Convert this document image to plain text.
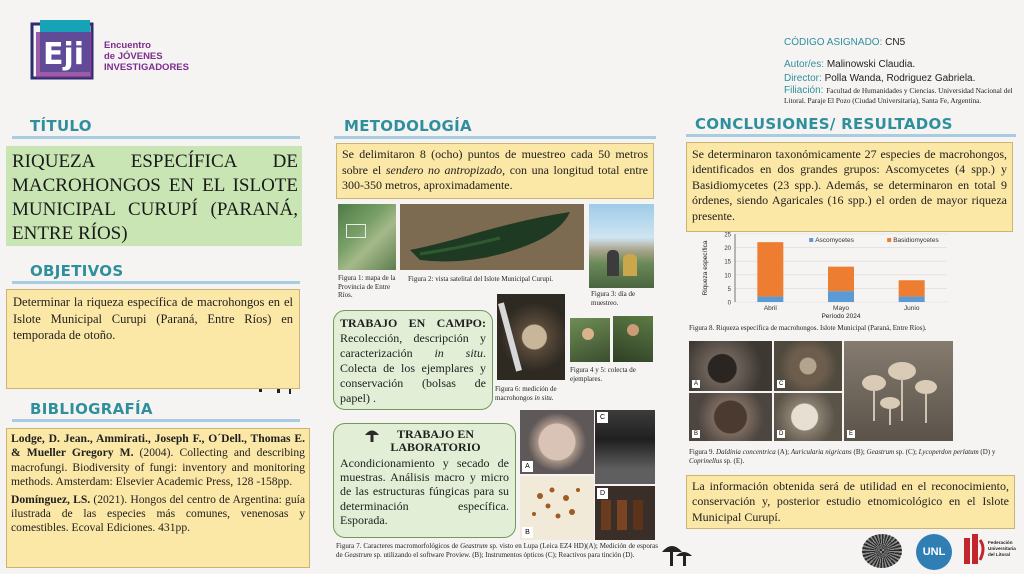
Eji Encuentro
de JÓVENES
INVESTIGADORES
TÍTULO
RIQUEZA ESPECÍFICA DE MACROHONGOS EN EL ISLOTE MUNICIPAL CURUPÍ (PARANÁ, ENTRE RÍOS)
OBJETIVOS
Determinar la riqueza específica de macrohongos en el Islote Municipal Curupi (Paraná, Entre Ríos) en temporada de otoño.
BIBLIOGRAFÍA

Lodge, D. Jean., Ammirati., Joseph F., O´Dell., Thomas E. & Mueller Gregory M. (2004). Collecting and describing macrofungi. Biodiversity of fungi: inventory and monitoring methods. Amsterdam: Elsevier Academic Press, 128 -158pp.

Domínguez, LS. (2021). Hongos del centro de Argentina: guía ilustrada de las especies más comunes, venenosas y comestibles. Ecoval Ediciones. 431pp.

METODOLOGÍA
Se delimitaron 8 (ocho) puntos de muestreo cada 50 metros sobre el sendero no antropizado, con una longitud total entre 300-350 metros, aproximadamente.
Figura 1: mapa de la Provincia de Entre Ríos.
Figura 2: vista satelital del Islote Municipal Curupí.
Figura 3: día de muestreo.
TRABAJO EN CAMPO: Recolección, descripción y caracterización in situ. Colecta de los ejemplares y conservación (bolsas de papel) .
Figura 6: medición de macrohongos in situ.
Figura 4 y 5: colecta de ejemplares.
TRABAJO EN LABORATORIO
Acondicionamiento y secado de muestras. Análisis macro y micro de las estructuras fúngicas para su determinación específica. Esporada.
A
C
B
D
Figura 7. Caracteres macromorfológicos de Geastrum sp. visto en Lupa (Leica EZ4 HD)(A); Medición de esporas de Geastrum sp. utilizando el software Proview. (B); Instrumentos ópticos (C); Reactivos para tinción (D).
CÓDIGO ASIGNADO: CN5
Autor/es: Malinowski Claudia.
Director: Polla Wanda, Rodriguez Gabriela.
Filiación: Facultad de Humanidades y Ciencias. Universidad Nacional del Litoral. Paraje El Pozo (Ciudad Universitaria), Santa Fe, Argentina.
CONCLUSIONES/ RESULTADOS
Se determinaron taxonómicamente 27 especies de macrohongos, identificados en dos grandes grupos: Ascomycetes (4 spp.) y Basidiomycetes (23 spp.). Además, se determinaron en total 9 órdenes, siendo Agaricales (16 spp.) el orden de mayor riqueza presente.
0
5
10
15
20
25
Riqueza específica
Abril	Mayo	Junio
Período 2024
Ascomycetes	Basidiomycetes
Figura 8. Riqueza específica de macrohongos. Islote Municipal (Paraná, Entre Ríos).
A
B
C
D	E
Figura 9. Daldinia concentrica (A); Auricularia nigricans (B); Geastrum sp. (C); Lycoperdon perlatum (D) y Coprinellus sp. (E).
La información obtenida será de utilidad en el reconocimiento, conservación y, posterior estudio etnomicológico en el Islote Municipal Curupí.
UNL
Federación
Universitaria
del Litoral
